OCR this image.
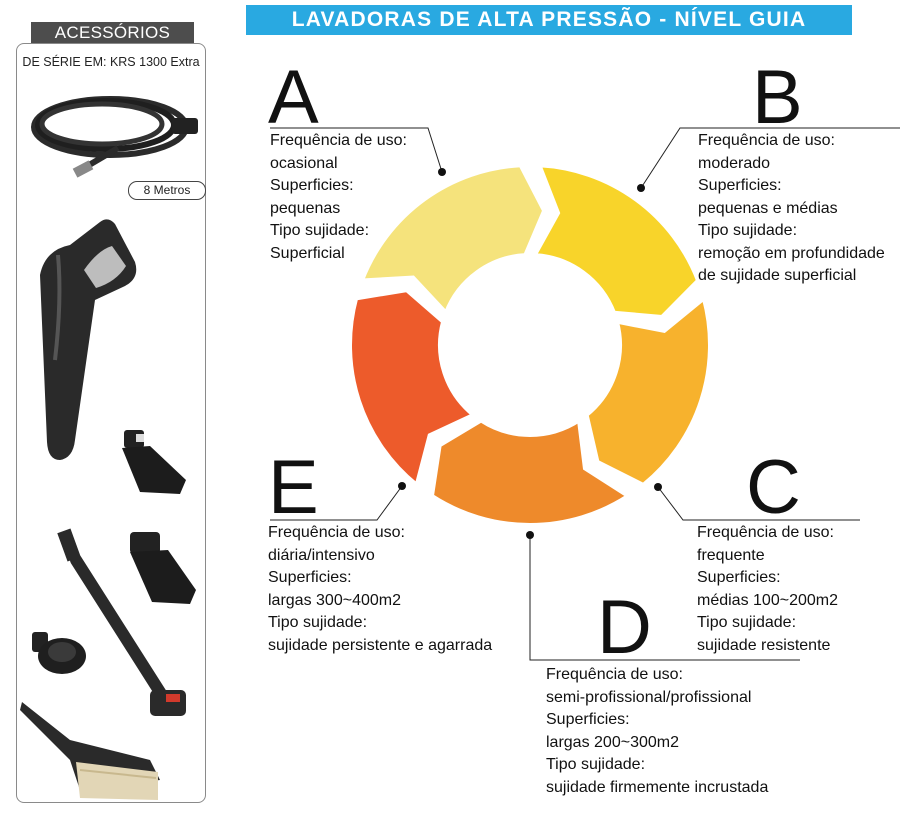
ACESSÓRIOS
DE SÉRIE EM: KRS 1300 Extra
8 Metros
LAVADORAS DE ALTA PRESSÃO - NÍVEL GUIA
A	B
C
D
E
Frequência de uso:
ocasional
Superficies:
pequenas
Tipo sujidade:
Superficial
Frequência de uso:
moderado
Superficies:
pequenas e médias
Tipo sujidade:
remoção em profundidade
de sujidade superficial
Frequência de uso:
frequente
Superficies:
médias 100~200m2
Tipo sujidade:
sujidade resistente
Frequência de uso:
semi-profissional/profissional
Superficies:
largas 200~300m2
Tipo sujidade:
sujidade firmemente incrustada
Frequência de uso:
diária/intensivo
Superficies:
largas 300~400m2
Tipo sujidade:
sujidade persistente e agarrada
